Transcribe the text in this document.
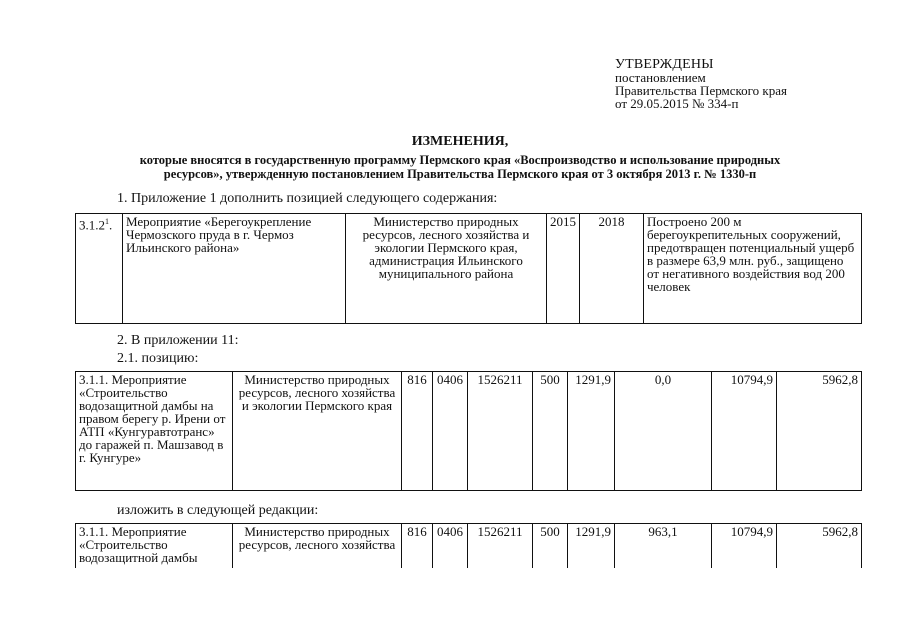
УТВЕРЖДЕНЫ
постановлением
Правительства Пермского края
от 29.05.2015 № 334-п
ИЗМЕНЕНИЯ,
которые вносятся в государственную программу Пермского края «Воспроизводство и использование природных
ресурсов», утвержденную постановлением Правительства Пермского края от 3 октября 2013 г. № 1330-п
1. Приложение 1 дополнить позицией следующего содержания:
3.1.2$^1$.	Мероприятие «Берегоукрепление Чермозского пруда в г. Чермоз Ильинского района»	Министерство природных ресурсов, лесного хозяйства и экологии Пермского края, администрация Ильинского муниципального района	2015	2018	Построено 200 м берегоукрепительных сооружений, предотвращен потенциальный ущерб в размере 63,9 млн. руб., защищено от негативного воздействия вод 200 человек
2. В приложении 11:
2.1. позицию:
3.1.1. Мероприятие «Строительство водозащитной дамбы на правом берегу р. Ирени от АТП «Кунгуравтотранс» до гаражей п. Машзавод в г. Кунгуре»	Министерство природных ресурсов, лесного хозяйства и экологии Пермского края	816	0406	1526211	500	1291,9	0,0	10794,9	5962,8
изложить в следующей редакции:
3.1.1. Мероприятие «Строительство водозащитной дамбы	Министерство природных ресурсов, лесного хозяйства	816	0406	1526211	500	1291,9	963,1	10794,9	5962,8
